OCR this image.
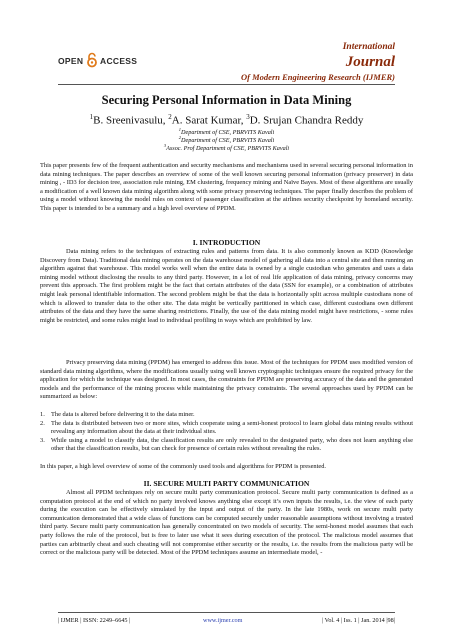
OPEN ACCESS
International
Journal
Of Modern Engineering Research (IJMER)
Securing Personal Information in Data Mining
$^1$B. Sreenivasulu, $^2$A. Sarat Kumar, $^3$D. Srujan Chandra Reddy
$^1$Department of CSE, PBRVITS Kavali
$^2$Department of CSE, PBRVITS Kavali
$^3$Assoc. Prof Department of CSE, PBRVITS Kavali
This paper presents few of the frequent authentication and security mechanisms and mechanisms used in several securing personal information in data mining techniques. The paper describes an overview of some of the well known securing personal information (privacy preserver) in data mining , - ID3 for decision tree, association rule mining, EM clustering, frequency mining and Naïve Bayes. Most of these algorithms are usually a modification of a well known data mining algorithm along with some privacy preserving techniques. The paper finally describes the problem of using a model without knowing the model rules on context of passenger classification at the airlines security checkpoint by homeland security. This paper is intended to be a summary and a high level overview of PPDM.
I. INTRODUCTION
Data mining refers to the techniques of extracting rules and patterns from data. It is also commonly known as KDD (Knowledge Discovery from Data). Traditional data mining operates on the data warehouse model of gathering all data into a central site and then running an algorithm against that warehouse. This model works well when the entire data is owned by a single custodian who generates and uses a data mining model without disclosing the results to any third party. However, in a lot of real life application of data mining, privacy concerns may prevent this approach. The first problem might be the fact that certain attributes of the data (SSN for example), or a combination of attributes might leak personal identifiable information. The second problem might be that the data is horizontally split across multiple custodians none of which is allowed to transfer data to the other site. The data might be vertically partitioned in which case, different custodians own different attributes of the data and they have the same sharing restrictions. Finally, the use of the data mining model might have restrictions, - some rules might be restricted, and some rules might lead to individual profiling in ways which are prohibited by law.
Privacy preserving data mining (PPDM) has emerged to address this issue. Most of the techniques for PPDM uses modified version of standard data mining algorithms, where the modifications usually using well known cryptographic techniques ensure the required privacy for the application for which the technique was designed. In most cases, the constraints for PPDM are preserving accuracy of the data and the generated models and the performance of the mining process while maintaining the privacy constraints. The several approaches used by PPDM can be summarized as below:
1. The data is altered before delivering it to the data miner.
2. The data is distributed between two or more sites, which cooperate using a semi-honest protocol to learn global data mining results without revealing any information about the data at their individual sites.
3. While using a model to classify data, the classification results are only revealed to the designated party, who does not learn anything else other that the classification results, but can check for presence of certain rules without revealing the rules.
In this paper, a high level overview of some of the commonly used tools and algorithms for PPDM is presented.
II. SECURE MULTI PARTY COMMUNICATION
Almost all PPDM techniques rely on secure multi party communication protocol. Secure multi party communication is defined as a computation protocol at the end of which no party involved knows anything else except it’s own inputs the results, i.e. the view of each party during the execution can be effectively simulated by the input and output of the party. In the late 1980s, work on secure multi party communication demonstrated that a wide class of functions can be computed securely under reasonable assumptions without involving a trusted third party. Secure multi party communication has generally concentrated on two models of security. The semi-honest model assumes that each party follows the rule of the protocol, but is free to later use what it sees during execution of the protocol. The malicious model assumes that parties can arbitrarily cheat and such cheating will not compromise either security or the results, i.e. the results from the malicious party will be correct or the malicious party will be detected. Most of the PPDM techniques assume an intermediate model, -
| IJMER | ISSN: 2249–6645 |	www.ijmer.com	| Vol. 4 | Iss. 1 | Jan. 2014 |98|
